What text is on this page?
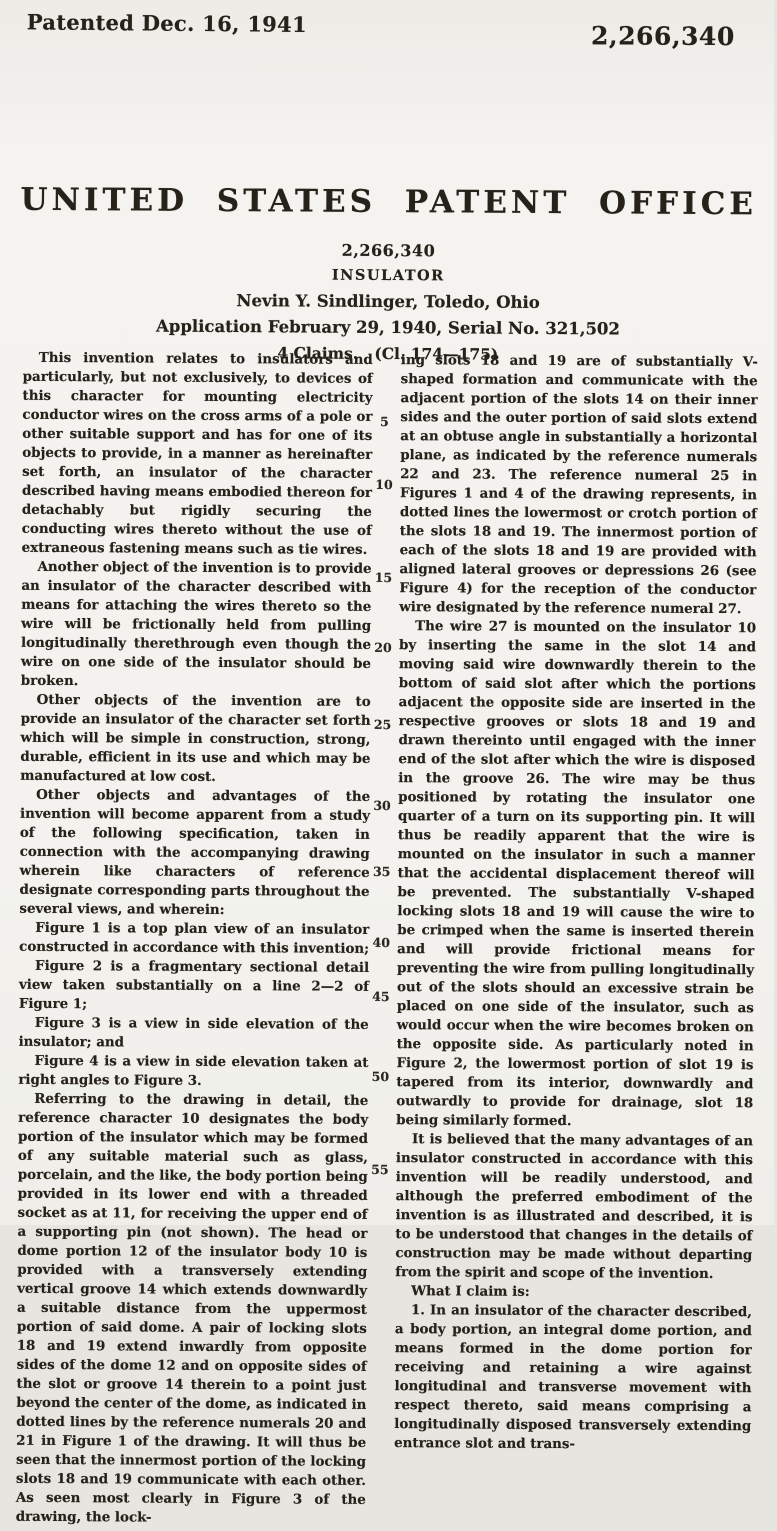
Patented Dec. 16, 1941	2,266,340
UNITED STATES PATENT OFFICE
2,266,340
INSULATOR
Nevin Y. Sindlinger, Toledo, Ohio
Application February 29, 1940, Serial No. 321,502
4 Claims.   (Cl. 174—175)

This invention relates to insulators and particularly, but not exclusively, to devices of this character for mounting electricity conductor wires on the cross arms of a pole or other suitable support and has for one of its objects to provide, in a manner as hereinafter set forth, an insulator of the character described having means embodied thereon for detachably but rigidly securing the conducting wires thereto without the use of extraneous fastening means such as tie wires.

Another object of the invention is to provide an insulator of the character described with means for attaching the wires thereto so the wire will be frictionally held from pulling longitudinally therethrough even though the wire on one side of the insulator should be broken.

Other objects of the invention are to provide an insulator of the character set forth which will be simple in construction, strong, durable, efficient in its use and which may be manufactured at low cost.

Other objects and advantages of the invention will become apparent from a study of the following specification, taken in connection with the accompanying drawing wherein like characters of reference designate corresponding parts throughout the several views, and wherein:

Figure 1 is a top plan view of an insulator constructed in accordance with this invention;

Figure 2 is a fragmentary sectional detail view taken substantially on a line 2—2 of Figure 1;

Figure 3 is a view in side elevation of the insulator; and

Figure 4 is a view in side elevation taken at right angles to Figure 3.

Referring to the drawing in detail, the reference character 10 designates the body portion of the insulator which may be formed of any suitable material such as glass, porcelain, and the like, the body portion being provided in its lower end with a threaded socket as at 11, for receiving the upper end of a supporting pin (not shown). The head or dome portion 12 of the insulator body 10 is provided with a transversely extending vertical groove 14 which extends downwardly a suitable distance from the uppermost portion of said dome. A pair of locking slots 18 and 19 extend inwardly from opposite sides of the dome 12 and on opposite sides of the slot or groove 14 therein to a point just beyond the center of the dome, as indicated in dotted lines by the reference numerals 20 and 21 in Figure 1 of the drawing. It will thus be seen that the innermost portion of the locking slots 18 and 19 communicate with each other. As seen most clearly in Figure 3 of the drawing, the lock-

ing slots 18 and 19 are of substantially V-shaped formation and communicate with the adjacent portion of the slots 14 on their inner sides and the outer portion of said slots extend at an obtuse angle in substantially a horizontal plane, as indicated by the reference numerals 22 and 23. The reference numeral 25 in Figures 1 and 4 of the drawing represents, in dotted lines the lowermost or crotch portion of the slots 18 and 19. The innermost portion of each of the slots 18 and 19 are provided with aligned lateral grooves or depressions 26 (see Figure 4) for the reception of the conductor wire designated by the reference numeral 27.

The wire 27 is mounted on the insulator 10 by inserting the same in the slot 14 and moving said wire downwardly therein to the bottom of said slot after which the portions adjacent the opposite side are inserted in the respective grooves or slots 18 and 19 and drawn thereinto until engaged with the inner end of the slot after which the wire is disposed in the groove 26. The wire may be thus positioned by rotating the insulator one quarter of a turn on its supporting pin. It will thus be readily apparent that the wire is mounted on the insulator in such a manner that the accidental displacement thereof will be prevented. The substantially V-shaped locking slots 18 and 19 will cause the wire to be crimped when the same is inserted therein and will provide frictional means for preventing the wire from pulling longitudinally out of the slots should an excessive strain be placed on one side of the insulator, such as would occur when the wire becomes broken on the opposite side. As particularly noted in Figure 2, the lowermost portion of slot 19 is tapered from its interior, downwardly and outwardly to provide for drainage, slot 18 being similarly formed.

It is believed that the many advantages of an insulator constructed in accordance with this invention will be readily understood, and although the preferred embodiment of the invention is as illustrated and described, it is to be understood that changes in the details of construction may be made without departing from the spirit and scope of the invention.

What I claim is:

1. In an insulator of the character described, a body portion, an integral dome portion, and means formed in the dome portion for receiving and retaining a wire against longitudinal and transverse movement with respect thereto, said means comprising a longitudinally disposed transversely extending entrance slot and trans-

5
10
15
20
25
30
35
40
45
50
55
